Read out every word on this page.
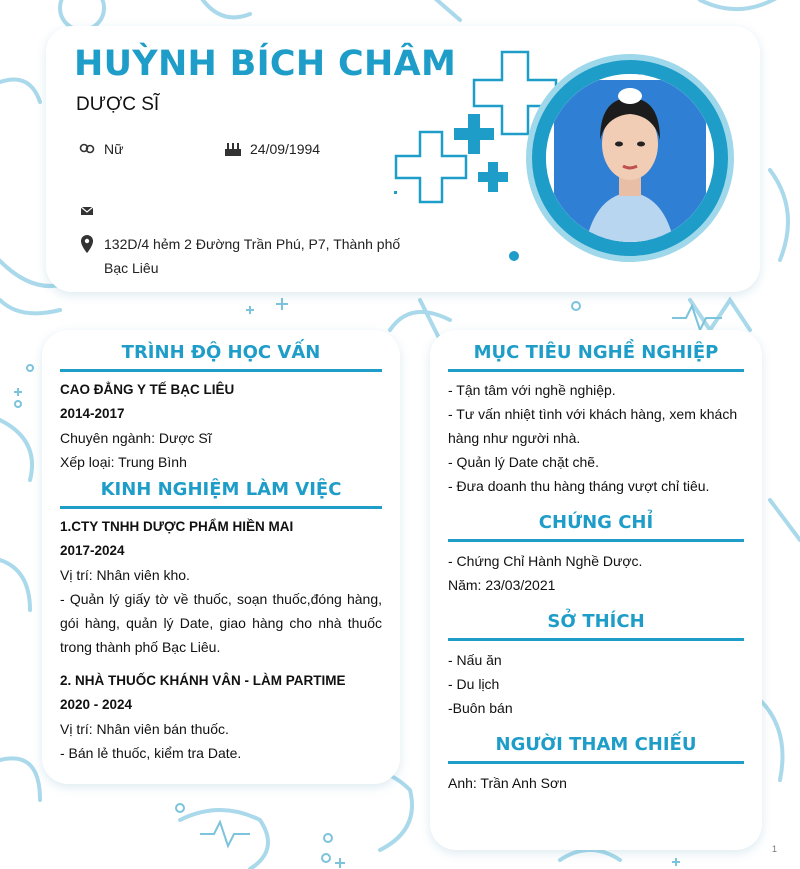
1
HUỲNH BÍCH CHÂM
DƯỢC SĨ
Nữ	24/09/1994
132D/4 hẻm 2 Đường Trần Phú, P7, Thành phố
Bạc Liêu
TRÌNH ĐỘ HỌC VẤN
CAO ĐẲNG Y TẾ BẠC LIÊU
2014-2017
Chuyên ngành: Dược Sĩ
Xếp loại: Trung Bình
KINH NGHIỆM LÀM VIỆC
1.CTY TNHH DƯỢC PHẨM HIỀN MAI
2017-2024
Vị trí: Nhân viên kho.
- Quản lý giấy tờ về thuốc, soạn thuốc,đóng hàng, gói hàng, quản lý Date, giao hàng cho nhà thuốc trong thành phố Bạc Liêu.
2. NHÀ THUỐC KHÁNH VÂN - LÀM PARTIME
2020 - 2024
Vị trí: Nhân viên bán thuốc.
- Bán lẻ thuốc, kiểm tra Date.
MỤC TIÊU NGHỀ NGHIỆP
- Tận tâm với nghề nghiệp.
- Tư vấn nhiệt tình với khách hàng, xem khách hàng như người nhà.
- Quản lý Date chặt chẽ.
- Đưa doanh thu hàng tháng vượt chỉ tiêu.
CHỨNG CHỈ
- Chứng Chỉ Hành Nghề Dược.
Năm: 23/03/2021
SỞ THÍCH
- Nấu ăn
- Du lịch
-Buôn bán
NGƯỜI THAM CHIẾU
Anh: Trần Anh Sơn
